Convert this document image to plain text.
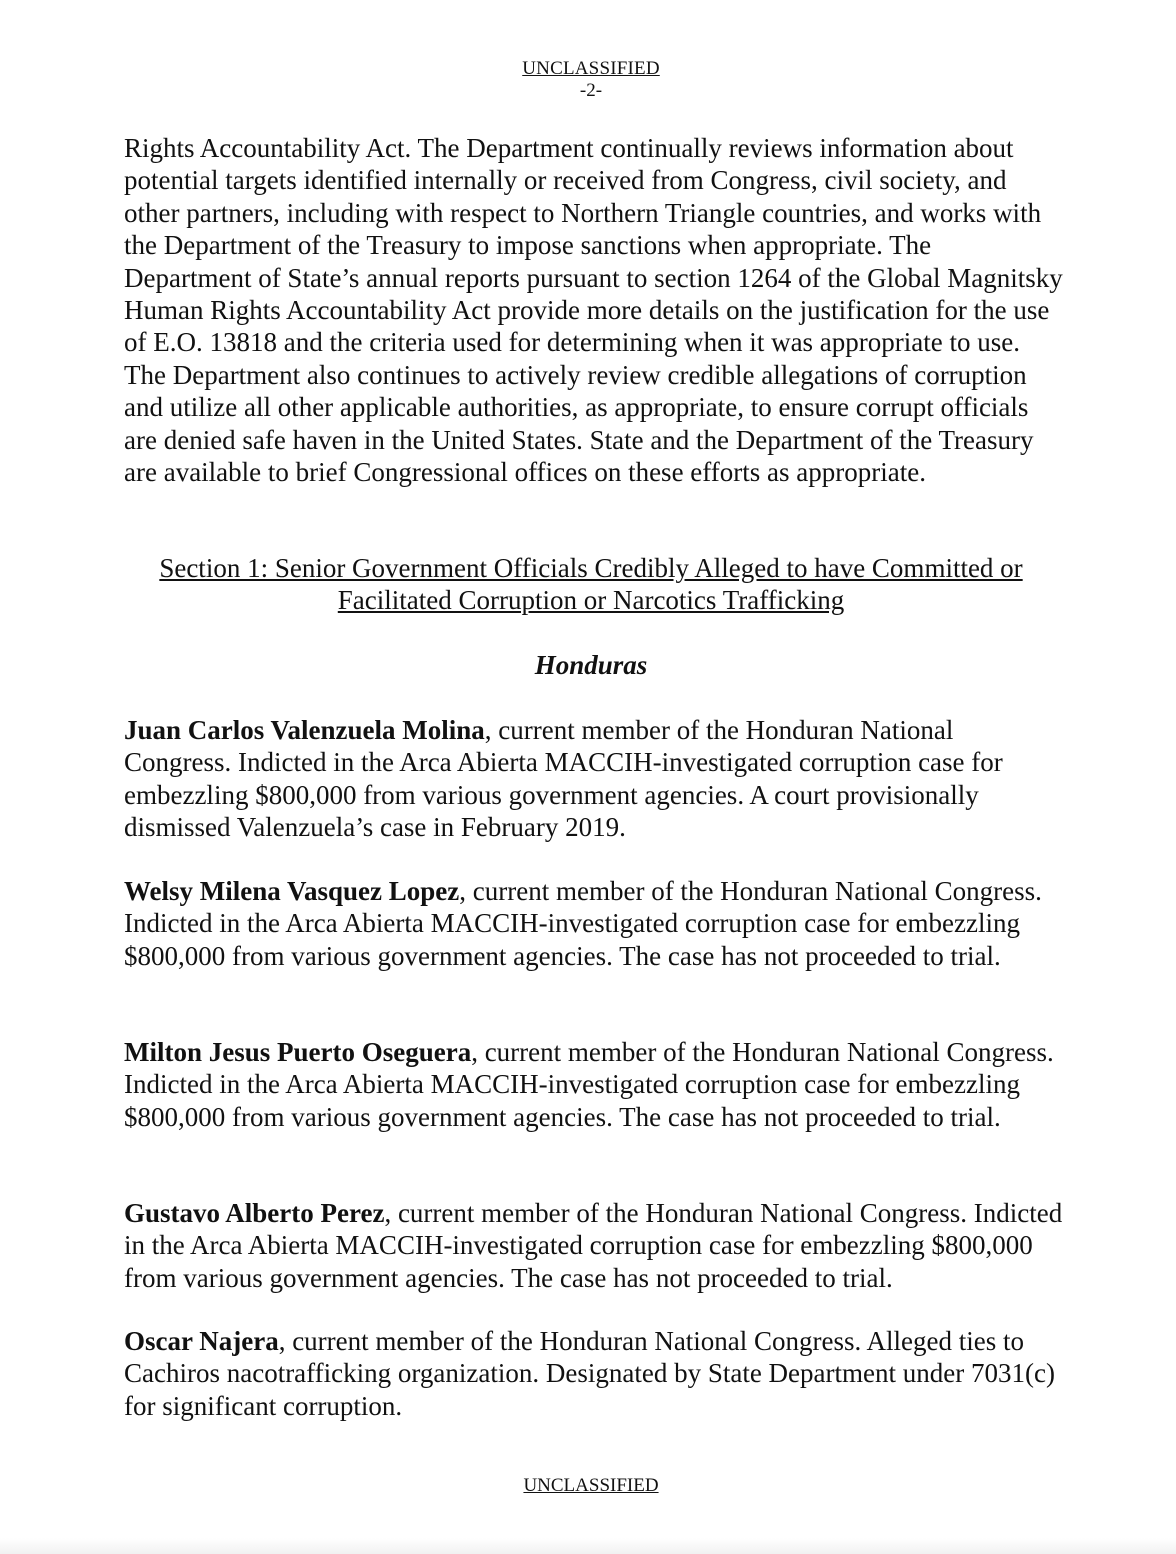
UNCLASSIFIED
-2-

Rights Accountability Act. The Department continually reviews information about potential targets identified internally or received from Congress, civil society, and other partners, including with respect to Northern Triangle countries, and works with the Department of the Treasury to impose sanctions when appropriate. The Department of State’s annual reports pursuant to section 1264 of the Global Magnitsky Human Rights Accountability Act provide more details on the justification for the use of E.O. 13818 and the criteria used for determining when it was appropriate to use. The Department also continues to actively review credible allegations of corruption and utilize all other applicable authorities, as appropriate, to ensure corrupt officials are denied safe haven in the United States. State and the Department of the Treasury are available to brief Congressional offices on these efforts as appropriate.

Section 1: Senior Government Officials Credibly Alleged to have Committed or Facilitated Corruption or Narcotics Trafficking
Honduras

Juan Carlos Valenzuela Molina, current member of the Honduran National Congress. Indicted in the Arca Abierta MACCIH-investigated corruption case for embezzling $800,000 from various government agencies. A court provisionally dismissed Valenzuela’s case in February 2019.

Welsy Milena Vasquez Lopez, current member of the Honduran National Congress. Indicted in the Arca Abierta MACCIH-investigated corruption case for embezzling $800,000 from various government agencies. The case has not proceeded to trial.

Milton Jesus Puerto Oseguera, current member of the Honduran National Congress. Indicted in the Arca Abierta MACCIH-investigated corruption case for embezzling $800,000 from various government agencies. The case has not proceeded to trial.

Gustavo Alberto Perez, current member of the Honduran National Congress. Indicted in the Arca Abierta MACCIH-investigated corruption case for embezzling $800,000 from various government agencies. The case has not proceeded to trial.

Oscar Najera, current member of the Honduran National Congress. Alleged ties to Cachiros nacotrafficking organization. Designated by State Department under 7031(c) for significant corruption.

UNCLASSIFIED
